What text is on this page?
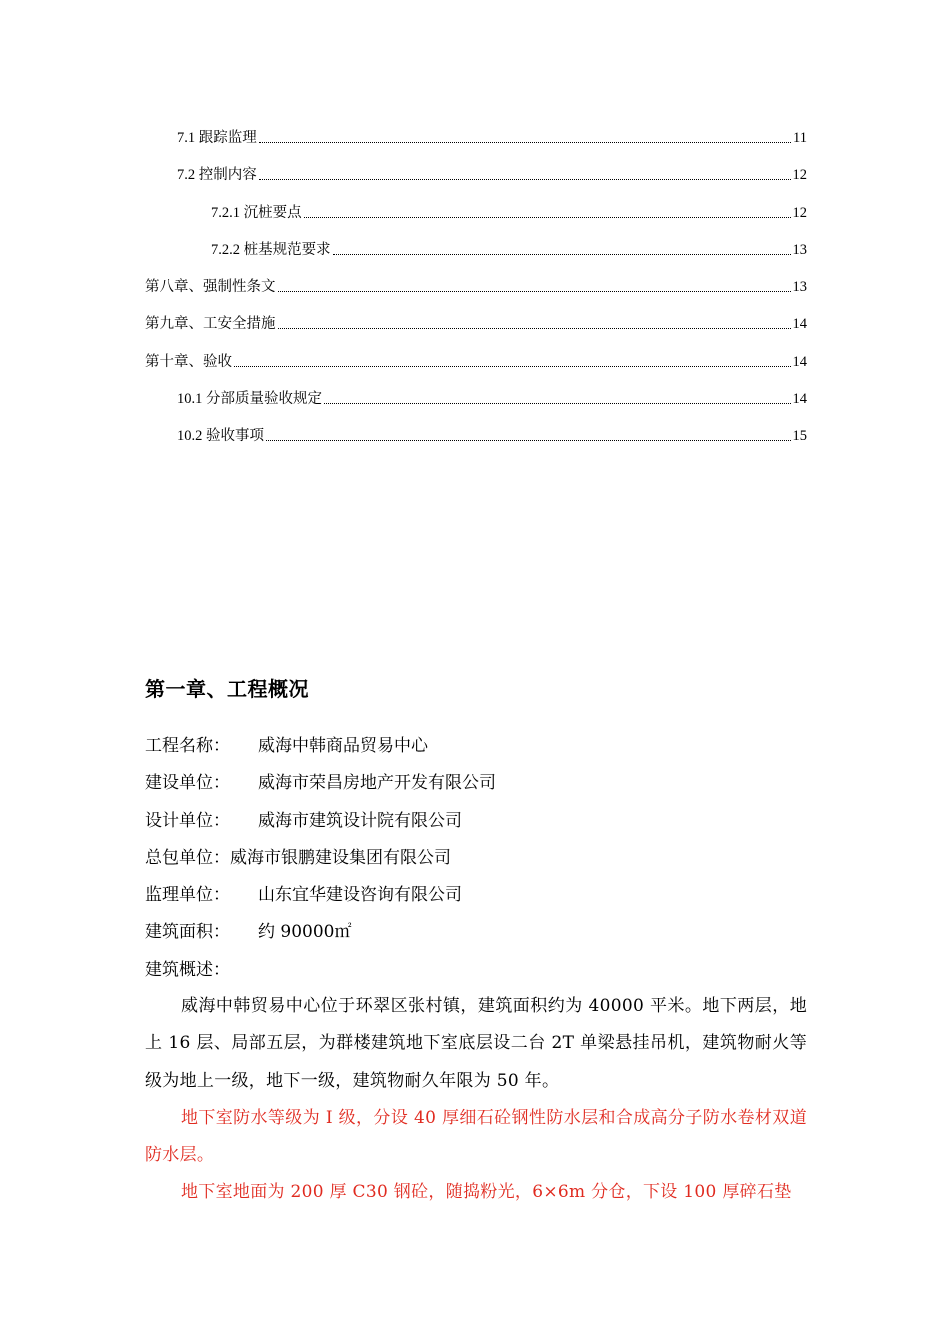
7.1 跟踪监理	11
7.2 控制内容	12
7.2.1 沉桩要点	12
7.2.2 桩基规范要求	13
第八章、强制性条文	13
第九章、工安全措施	14
第十章、验收	14
10.1 分部质量验收规定	14
10.2 验收事项	15
第一章、工程概况
工程名称：	威海中韩商品贸易中心
建设单位：	威海市荣昌房地产开发有限公司
设计单位：	威海市建筑设计院有限公司
总包单位： 威海市银鹏建设集团有限公司
监理单位：	山东宜华建设咨询有限公司
建筑面积：	约 90000㎡
建筑概述：

威海中韩贸易中心位于环翠区张村镇，建筑面积约为 40000 平米。地下两层，地上 16 层、局部五层，为群楼建筑地下室底层设二台 2T 单梁悬挂吊机，建筑物耐火等级为地上一级，地下一级，建筑物耐久年限为 50 年。

地下室防水等级为 I 级，分设 40 厚细石砼钢性防水层和合成高分子防水卷材双道防水层。

地下室地面为 200 厚 C30 钢砼，随捣粉光，6×6m 分仓，下设 100 厚碎石垫
